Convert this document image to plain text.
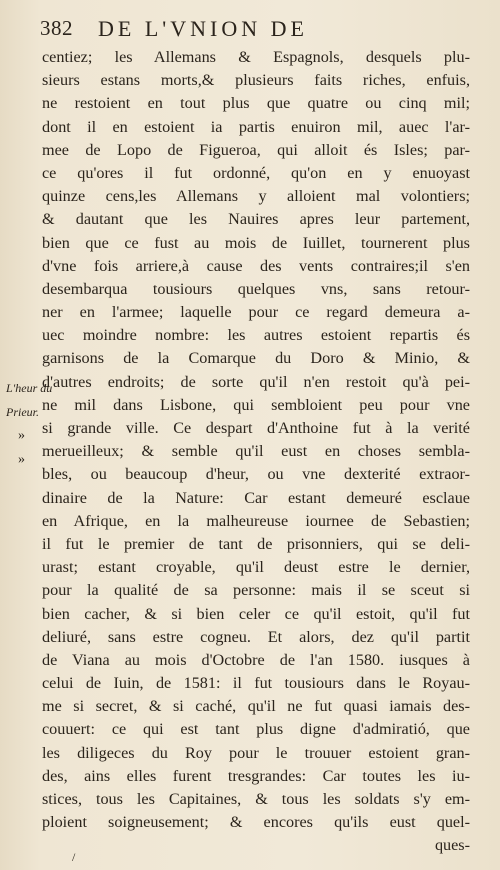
382 DE L'VNION DE
centiez; les Allemans & Espagnols, desquels plu-
sieurs estans morts,& plusieurs faits riches, enfuis,
ne restoient en tout plus que quatre ou cinq mil;
dont il en estoient ia partis enuiron mil, auec l'ar-
mee de Lopo de Figueroa, qui alloit és Isles; par-
ce qu'ores il fut ordonné, qu'on en y enuoyast
quinze cens,les Allemans y alloient mal volontiers;
& dautant que les Nauires apres leur partement,
bien que ce fust au mois de Iuillet, tournerent plus
d'vne fois arriere,à cause des vents contraires;il s'en
desembarqua tousiours quelques vns, sans retour-
ner en l'armee; laquelle pour ce regard demeura a-
uec moindre nombre: les autres estoient repartis és
garnisons de la Comarque du Doro & Minio, &
d'autres endroits; de sorte qu'il n'en restoit qu'à pei-
ne mil dans Lisbone, qui sembloient peu pour vne
si grande ville. Ce despart d'Anthoine fut à la verité
merueilleux; & semble qu'il eust en choses sembla-
bles, ou beaucoup d'heur, ou vne dexterité extraor-
dinaire de la Nature: Car estant demeuré esclaue
en Afrique, en la malheureuse iournee de Sebastien;
il fut le premier de tant de prisonniers, qui se deli-
urast; estant croyable, qu'il deust estre le dernier,
pour la qualité de sa personne: mais il se sceut si
bien cacher, & si bien celer ce qu'il estoit, qu'il fut
deliuré, sans estre cogneu. Et alors, dez qu'il partit
de Viana au mois d'Octobre de l'an 1580. iusques à
celui de Iuin, de 1581: il fut tousiours dans le Royau-
me si secret, & si caché, qu'il ne fut quasi iamais des-
couuert: ce qui est tant plus digne d'admiratió, que
les diligeces du Roy pour le trouuer estoient gran-
des, ains elles furent tresgrandes: Car toutes les iu-
stices, tous les Capitaines, & tous les soldats s'y em-
ploient soigneusement; & encores qu'ils eust quel-
ques-
L'heur du
Prieur.
»
»
/
